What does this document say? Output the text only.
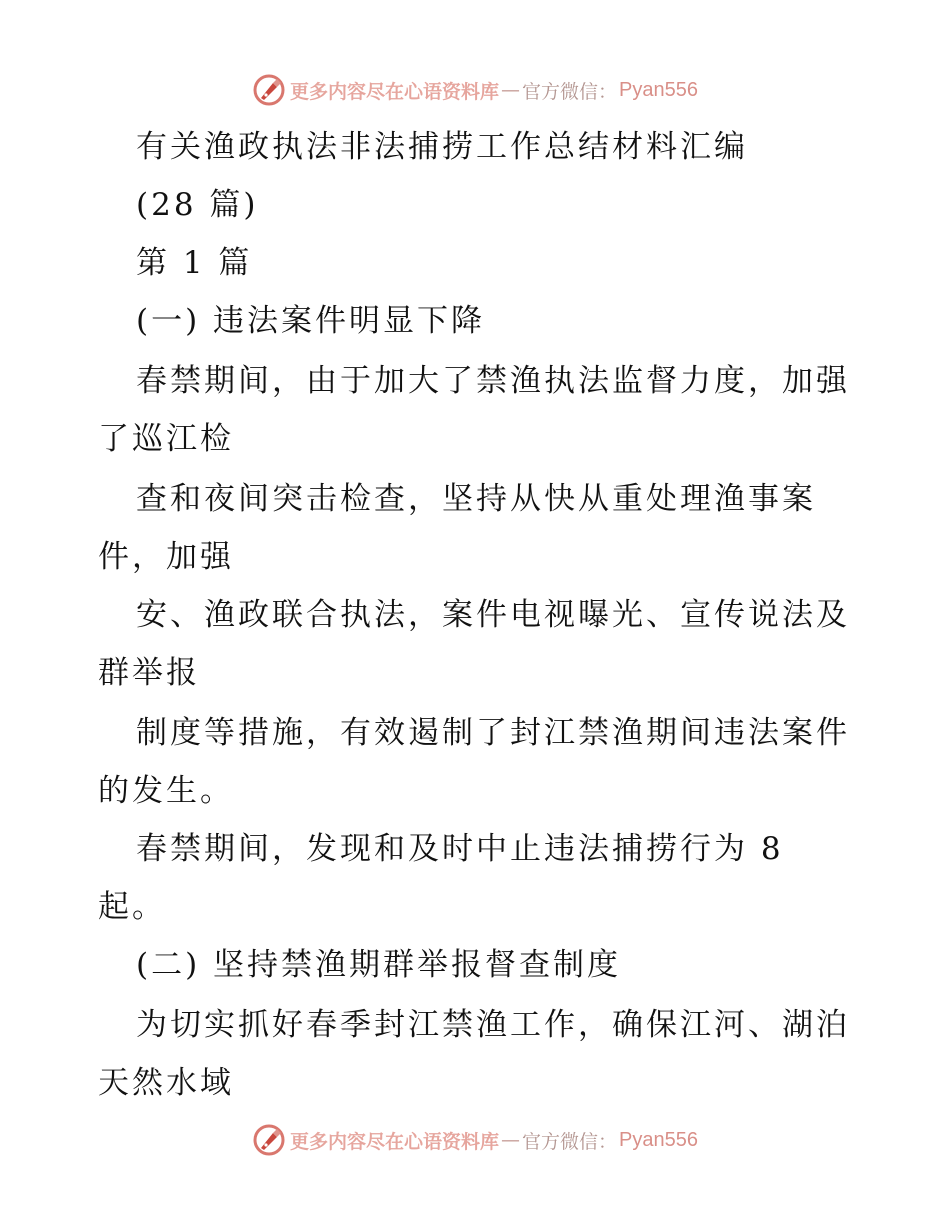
更多内容尽在心语资料库 — 官方微信： Pyan556
有关渔政执法非法捕捞工作总结材料汇编
(28 篇)
第 1 篇
(一) 违法案件明显下降
春禁期间，由于加大了禁渔执法监督力度，加强
了巡江检
查和夜间突击检查，坚持从快从重处理渔事案
件，加强
安、渔政联合执法，案件电视曝光、宣传说法及
群举报
制度等措施，有效遏制了封江禁渔期间违法案件
的发生。
春禁期间，发现和及时中止违法捕捞行为 8
起。
(二) 坚持禁渔期群举报督查制度
为切实抓好春季封江禁渔工作，确保江河、湖泊
天然水域
更多内容尽在心语资料库 — 官方微信： Pyan556
